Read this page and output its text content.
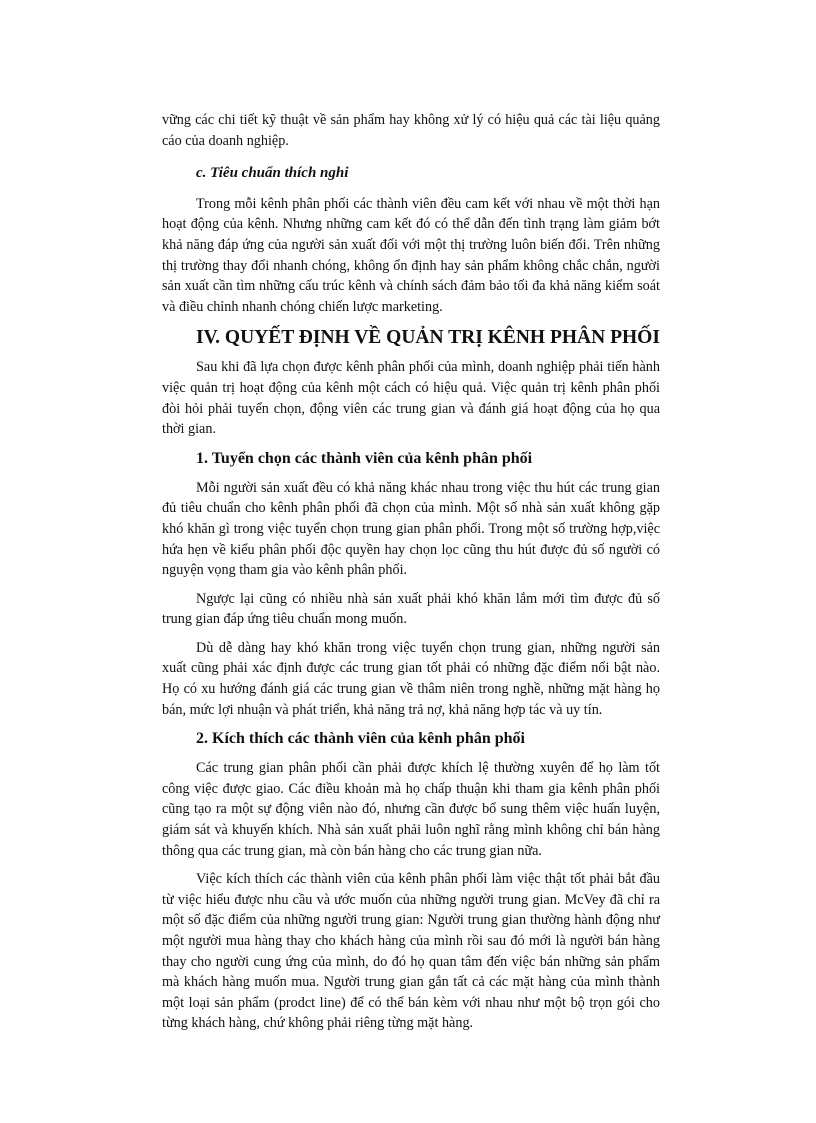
vững các chi tiết kỹ thuật về sản phẩm hay không xử lý có hiệu quả các tài liệu quảng cáo của doanh nghiệp.

c. Tiêu chuẩn thích nghi

Trong mỗi kênh phân phối các thành viên đều cam kết với nhau về một thời hạn hoạt động của kênh. Nhưng những cam kết đó có thể dẫn đến tình trạng làm giảm bớt khả năng đáp ứng của người sản xuất đối với một thị trường luôn biến đổi. Trên những thị trường thay đổi nhanh chóng, không ổn định hay sản phẩm không chắc chắn, người sản xuất cần tìm những cấu trúc kênh và chính sách đảm bảo tối đa khả năng kiểm soát và điều chỉnh nhanh chóng chiến lược marketing.

IV. QUYẾT ĐỊNH VỀ QUẢN TRỊ KÊNH PHÂN PHỐI

Sau khi đã lựa chọn được kênh phân phối của mình, doanh nghiệp phải tiến hành việc quản trị hoạt động của kênh một cách có hiệu quả. Việc quản trị kênh phân phối đòi hỏi phải tuyển chọn, động viên các trung gian và đánh giá hoạt động của họ qua thời gian.

1. Tuyển chọn các thành viên của kênh phân phối

Mỗi người sản xuất đều có khả năng khác nhau trong việc thu hút các trung gian đủ tiêu chuẩn cho kênh phân phối đã chọn của mình. Một số nhà sản xuất không gặp khó khăn gì trong việc tuyển chọn trung gian phân phối. Trong một số trường hợp,việc hứa hẹn về kiểu phân phối độc quyền hay chọn lọc cũng thu hút được đủ số người có nguyện vọng tham gia vào kênh phân phối.

Ngược lại cũng có nhiều nhà sản xuất phải khó khăn lắm mới tìm được đủ số trung gian đáp ứng tiêu chuẩn mong muốn.

Dù dễ dàng hay khó khăn trong việc tuyển chọn trung gian, những người sản xuất cũng phải xác định được các trung gian tốt phải có những đặc điểm nổi bật nào. Họ có xu hướng đánh giá các trung gian về thâm niên trong nghề, những mặt hàng họ bán, mức lợi nhuận và phát triển, khả năng trả nợ, khả năng hợp tác và uy tín.

2. Kích thích các thành viên của kênh phân phối

Các trung gian phân phối cần phải được khích lệ thường xuyên để họ làm tốt công việc được giao. Các điều khoản mà họ chấp thuận khi tham gia kênh phân phối cũng tạo ra một sự động viên nào đó, nhưng cần được bổ sung thêm việc huấn luyện, giám sát và khuyến khích. Nhà sản xuất phải luôn nghĩ rằng mình không chỉ bán hàng thông qua các trung gian, mà còn bán hàng cho các trung gian nữa.

Việc kích thích các thành viên của kênh phân phối làm việc thật tốt phải bắt đầu từ việc hiểu được nhu cầu và ước muốn của những người trung gian. McVey đã chỉ ra một số đặc điểm của những người trung gian: Người trung gian thường hành động như một người mua hàng thay cho khách hàng của mình rồi sau đó mới là người bán hàng thay cho người cung ứng của mình, do đó họ quan tâm đến việc bán những sản phẩm mà khách hàng muốn mua. Người trung gian gắn tất cả các mặt hàng của mình thành một loại sản phẩm (prodct line) để có thể bán kèm với nhau như một bộ trọn gói cho từng khách hàng, chứ không phải riêng từng mặt hàng.
